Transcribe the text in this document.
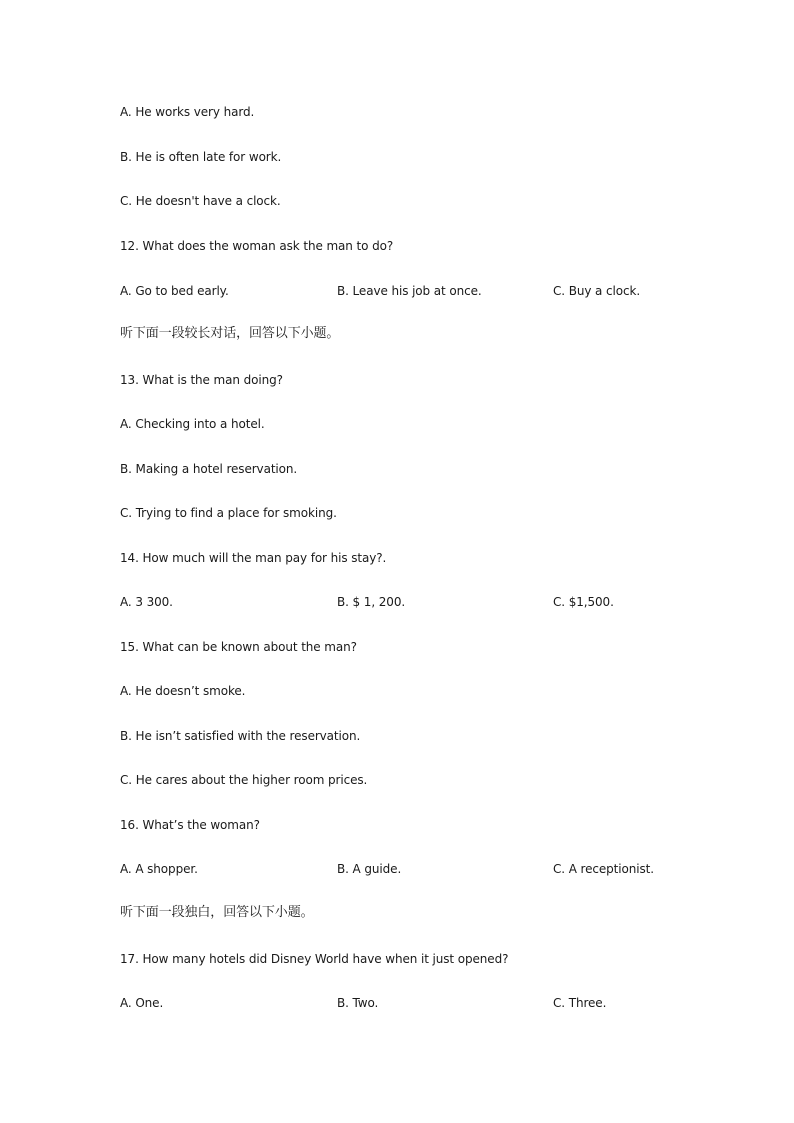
A. He works very hard.
B. He is often late for work.
C. He doesn't have a clock.
12. What does the woman ask the man to do?
A. Go to bed early.	B. Leave his job at once.	C. Buy a clock.
听下面一段较长对话，回答以下小题。
13. What is the man doing?
A. Checking into a hotel.
B. Making a hotel reservation.
C. Trying to find a place for smoking.
14. How much will the man pay for his stay?.
A. 3 300.	B. $ 1, 200.	C. $1,500.
15. What can be known about the man?
A. He doesn’t smoke.
B. He isn’t satisfied with the reservation.
C. He cares about the higher room prices.
16. What’s the woman?
A. A shopper.	B. A guide.	C. A receptionist.
听下面一段独白，回答以下小题。
17. How many hotels did Disney World have when it just opened?
A. One.	B. Two.	C. Three.
